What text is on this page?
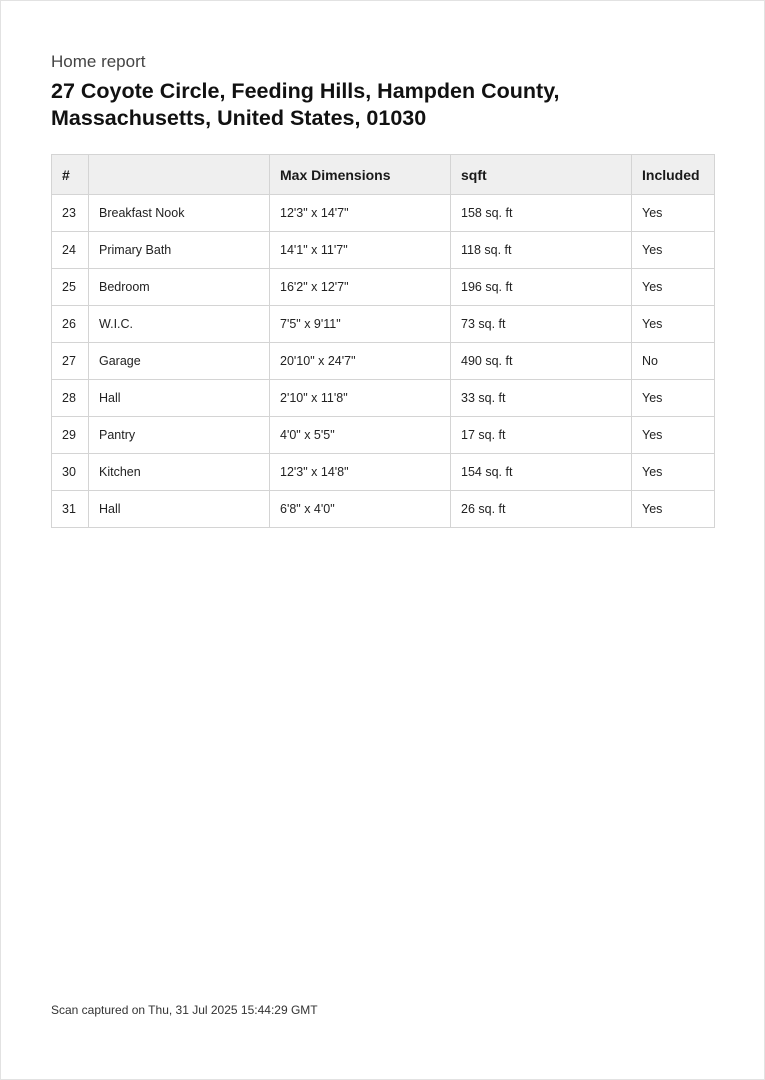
Home report
27 Coyote Circle, Feeding Hills, Hampden County, Massachusetts, United States, 01030
#		Max Dimensions	sqft	Included
23	Breakfast Nook	12'3" x 14'7"	158 sq. ft	Yes
24	Primary Bath	14'1" x 11'7"	118 sq. ft	Yes
25	Bedroom	16'2" x 12'7"	196 sq. ft	Yes
26	W.I.C.	7'5" x 9'11"	73 sq. ft	Yes
27	Garage	20'10" x 24'7"	490 sq. ft	No
28	Hall	2'10" x 11'8"	33 sq. ft	Yes
29	Pantry	4'0" x 5'5"	17 sq. ft	Yes
30	Kitchen	12'3" x 14'8"	154 sq. ft	Yes
31	Hall	6'8" x 4'0"	26 sq. ft	Yes
Scan captured on Thu, 31 Jul 2025 15:44:29 GMT
